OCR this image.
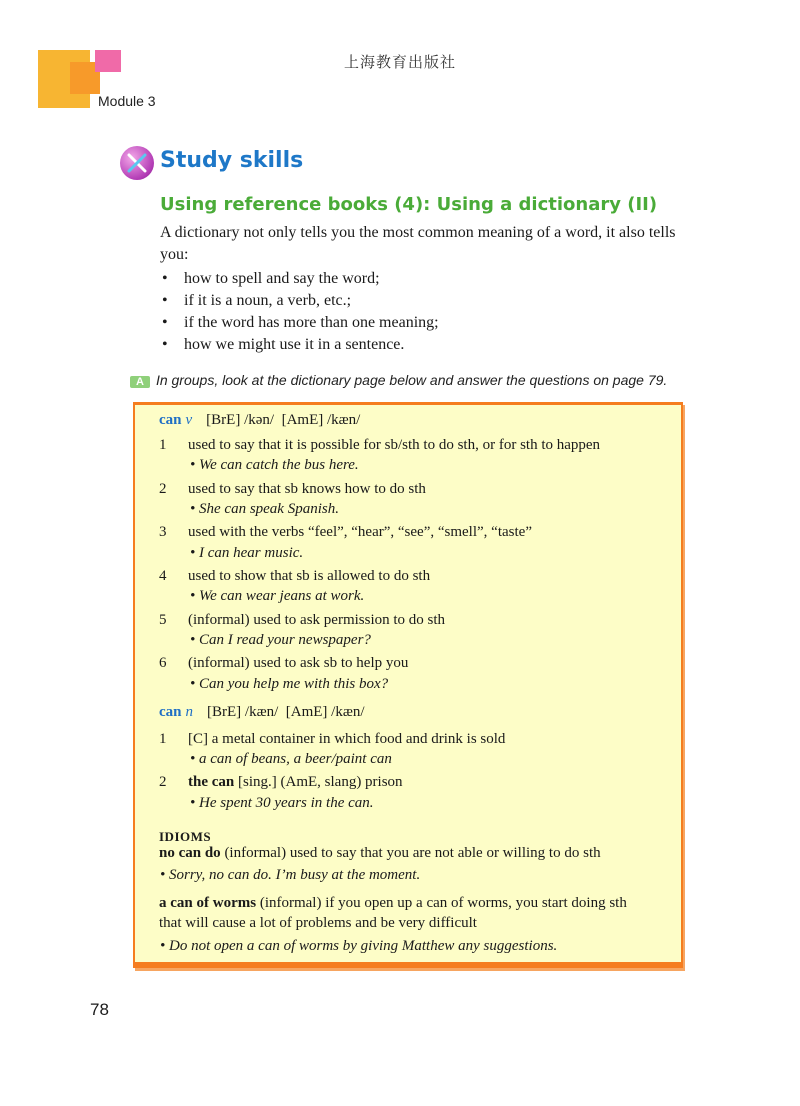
上海教育出版社
Module 3
Study skills
Using reference books (4): Using a dictionary (II)

A dictionary not only tells you the most common meaning of a word, it also tells you:

• how to spell and say the word;
• if it is a noun, a verb, etc.;
• if the word has more than one meaning;
• how we might use it in a sentence.
A In groups, look at the dictionary page below and answer the questions on page 79.
can v [BrE] /kən/ [AmE] /kæn/
1 used to say that it is possible for sb/sth to do sth, or for sth to happen
• We can catch the bus here.
2 used to say that sb knows how to do sth
• She can speak Spanish.
3 used with the verbs “feel”, “hear”, “see”, “smell”, “taste”
• I can hear music.
4 used to show that sb is allowed to do sth
• We can wear jeans at work.
5 (informal) used to ask permission to do sth
• Can I read your newspaper?
6 (informal) used to ask sb to help you
• Can you help me with this box?
can n [BrE] /kæn/ [AmE] /kæn/
1 [C] a metal container in which food and drink is sold
• a can of beans, a beer/paint can
2 the can [sing.] (AmE, slang) prison
• He spent 30 years in the can.
IDIOMS
no can do (informal) used to say that you are not able or willing to do sth
• Sorry, no can do. I’m busy at the moment.
a can of worms (informal) if you open up a can of worms, you start doing sth
that will cause a lot of problems and be very difficult
• Do not open a can of worms by giving Matthew any suggestions.
78
